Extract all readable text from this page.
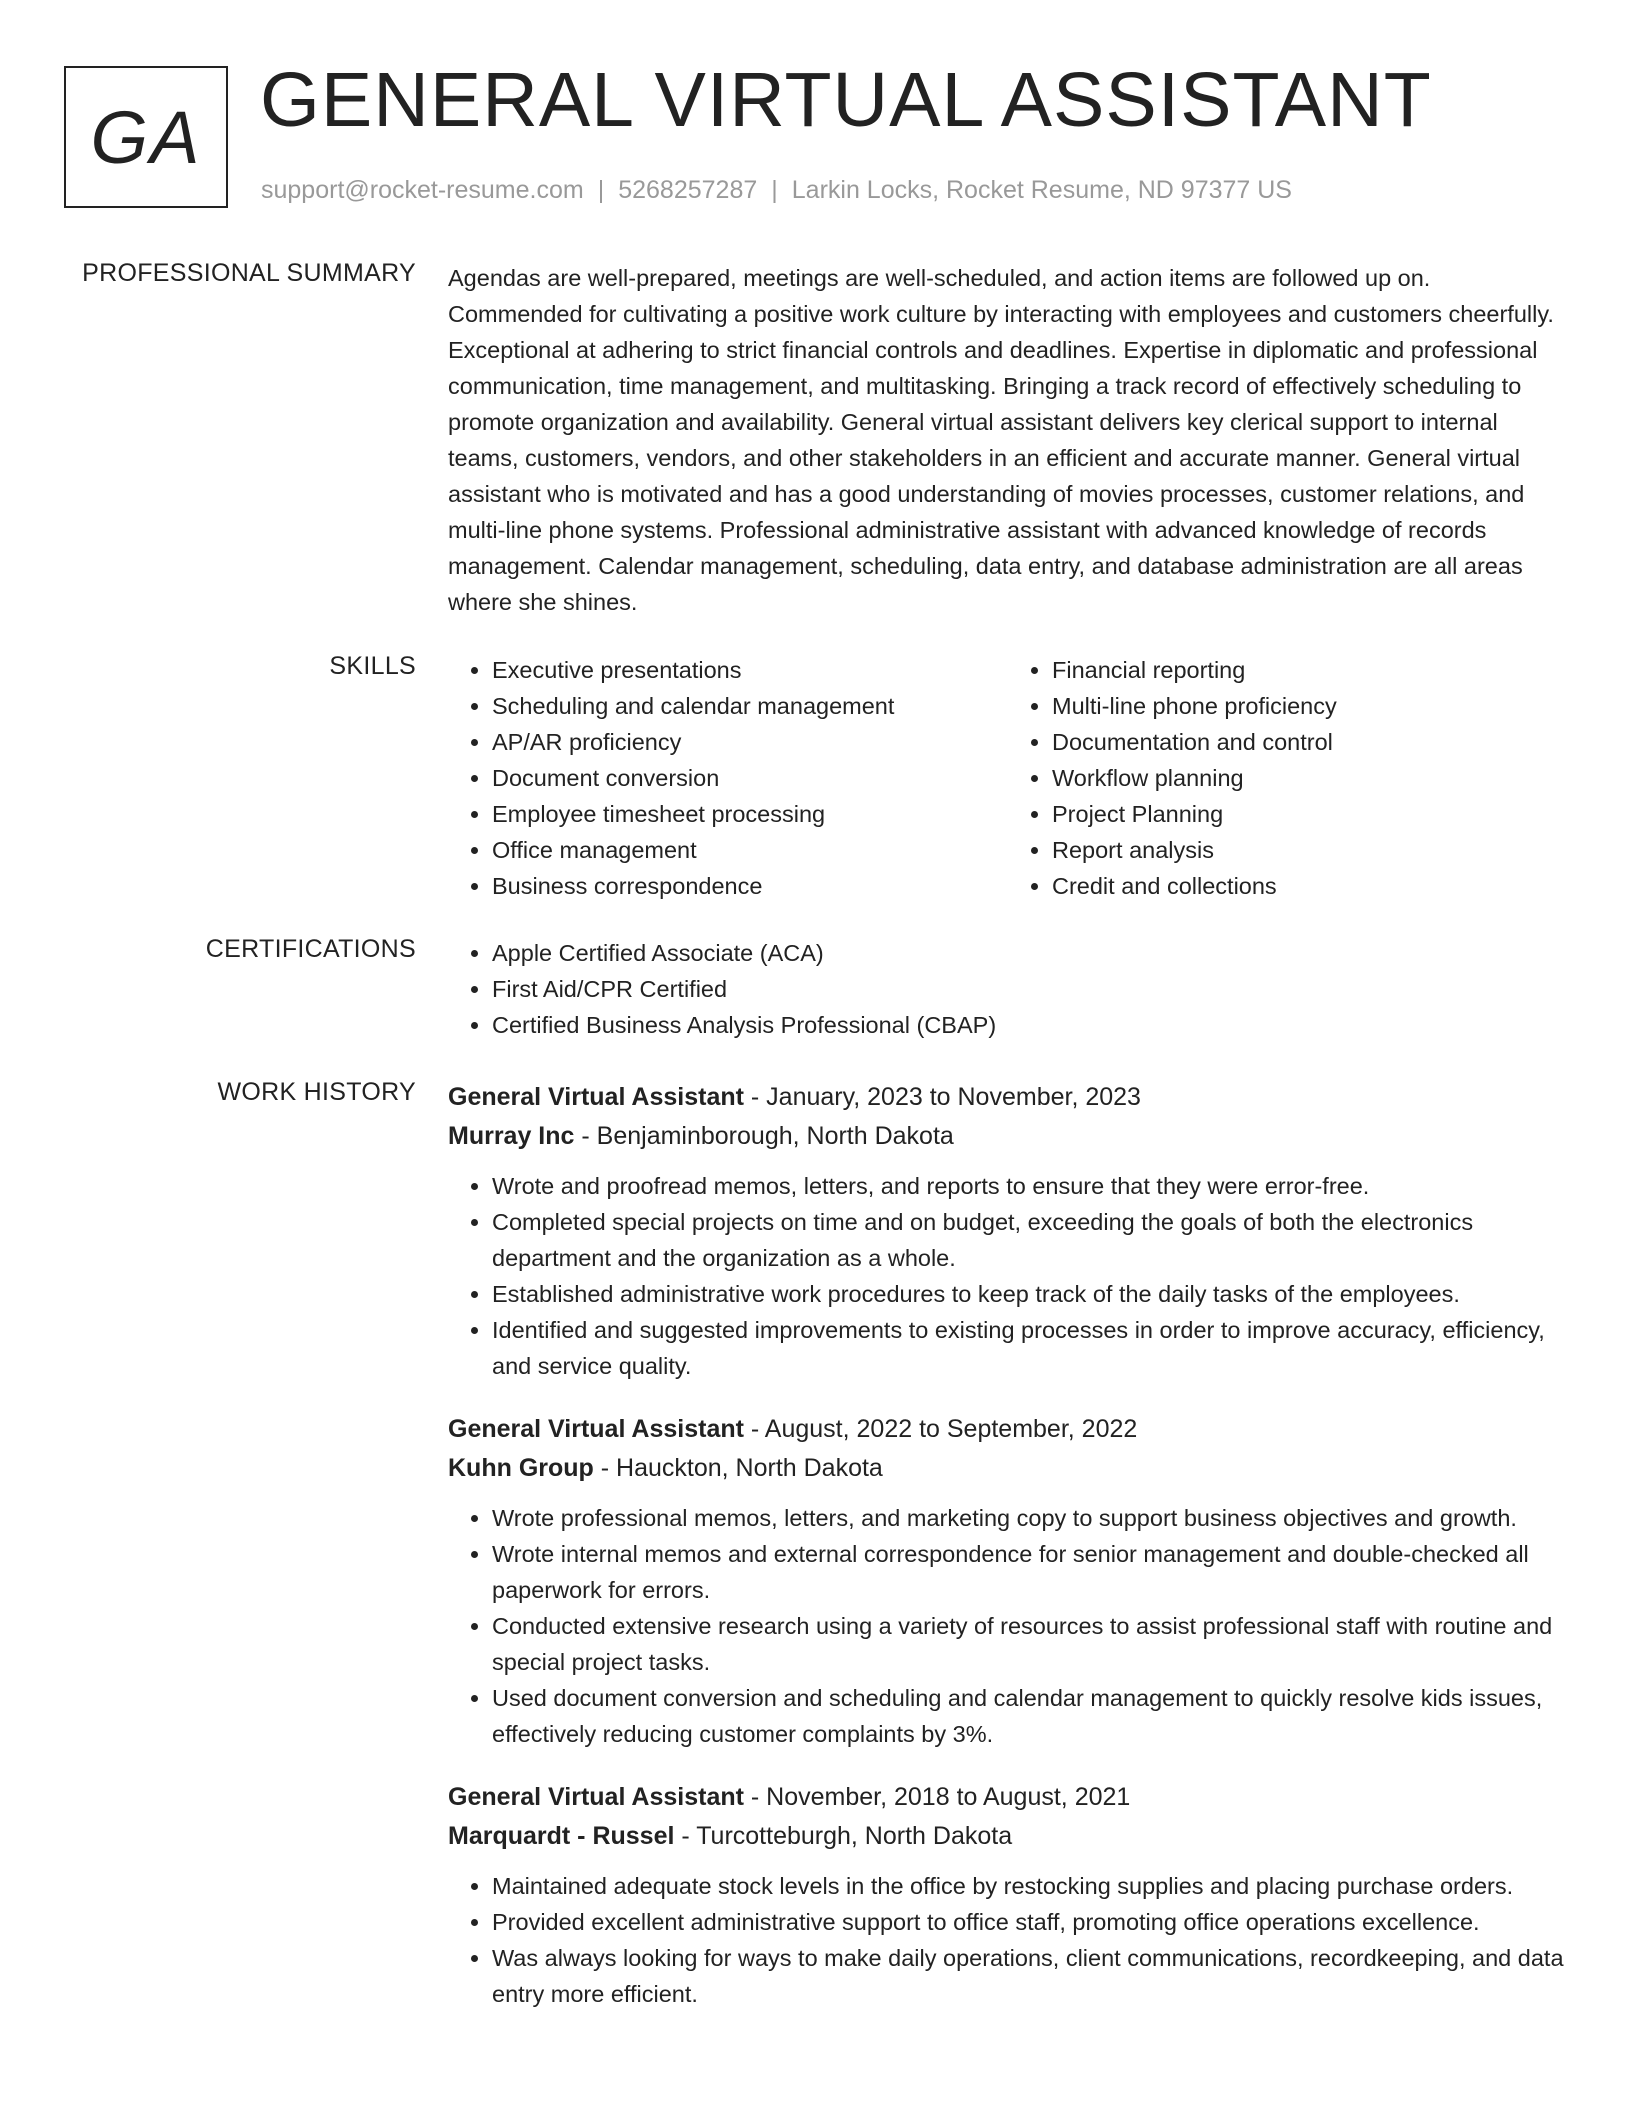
GA GENERAL VIRTUAL ASSISTANT
support@rocket-resume.com | 5268257287 | Larkin Locks, Rocket Resume, ND 97377 US
PROFESSIONAL SUMMARY Agendas are well-prepared, meetings are well-scheduled, and action items are followed up on. Commended for cultivating a positive work culture by interacting with employees and customers cheerfully. Exceptional at adhering to strict financial controls and deadlines. Expertise in diplomatic and professional communication, time management, and multitasking. Bringing a track record of effectively scheduling to promote organization and availability. General virtual assistant delivers key clerical support to internal teams, customers, vendors, and other stakeholders in an efficient and accurate manner. General virtual assistant who is motivated and has a good understanding of movies processes, customer relations, and multi-line phone systems. Professional administrative assistant with advanced knowledge of records management. Calendar management, scheduling, data entry, and database administration are all areas where she shines.
SKILLS	• Executive presentations
• Scheduling and calendar management
• AP/AR proficiency
• Document conversion
• Employee timesheet processing
• Office management
• Business correspondence
• Financial reporting
• Multi-line phone proficiency
• Documentation and control
• Workflow planning
• Project Planning
• Report analysis
• Credit and collections
CERTIFICATIONS	• Apple Certified Associate (ACA)
• First Aid/CPR Certified
• Certified Business Analysis Professional (CBAP)
WORK HISTORY General Virtual Assistant - January, 2023 to November, 2023
Murray Inc - Benjaminborough, North Dakota
• Wrote and proofread memos, letters, and reports to ensure that they were error-free.
• Completed special projects on time and on budget, exceeding the goals of both the electronics department and the organization as a whole.
• Established administrative work procedures to keep track of the daily tasks of the employees.
• Identified and suggested improvements to existing processes in order to improve accuracy, efficiency, and service quality.
General Virtual Assistant - August, 2022 to September, 2022
Kuhn Group - Hauckton, North Dakota
• Wrote professional memos, letters, and marketing copy to support business objectives and growth.
• Wrote internal memos and external correspondence for senior management and double-checked all paperwork for errors.
• Conducted extensive research using a variety of resources to assist professional staff with routine and special project tasks.
• Used document conversion and scheduling and calendar management to quickly resolve kids issues, effectively reducing customer complaints by 3%.
General Virtual Assistant - November, 2018 to August, 2021
Marquardt - Russel - Turcotteburgh, North Dakota
• Maintained adequate stock levels in the office by restocking supplies and placing purchase orders.
• Provided excellent administrative support to office staff, promoting office operations excellence.
• Was always looking for ways to make daily operations, client communications, recordkeeping, and data entry more efficient.
